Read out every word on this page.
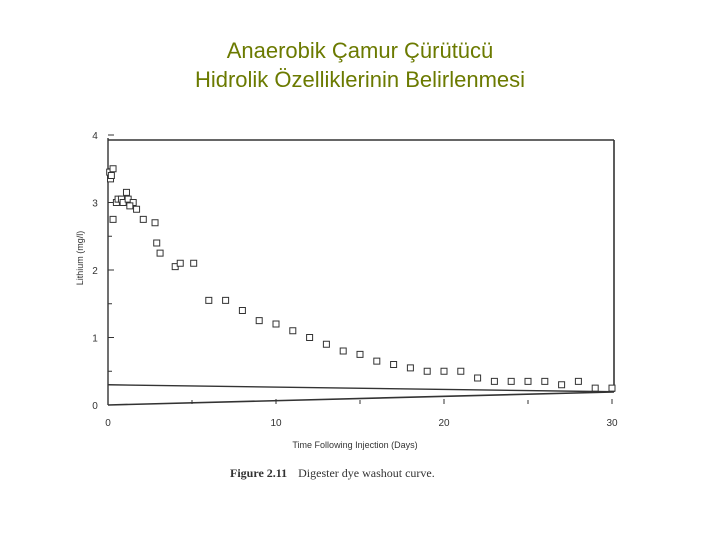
Anaerobik Çamur Çürütücü
Hidrolik Özelliklerinin Belirlenmesi
0
1
2
3
4
0	10	20	30
Time Following Injection (Days)
Lithium (mg/l)
Figure 2.11 Digester dye washout curve.
